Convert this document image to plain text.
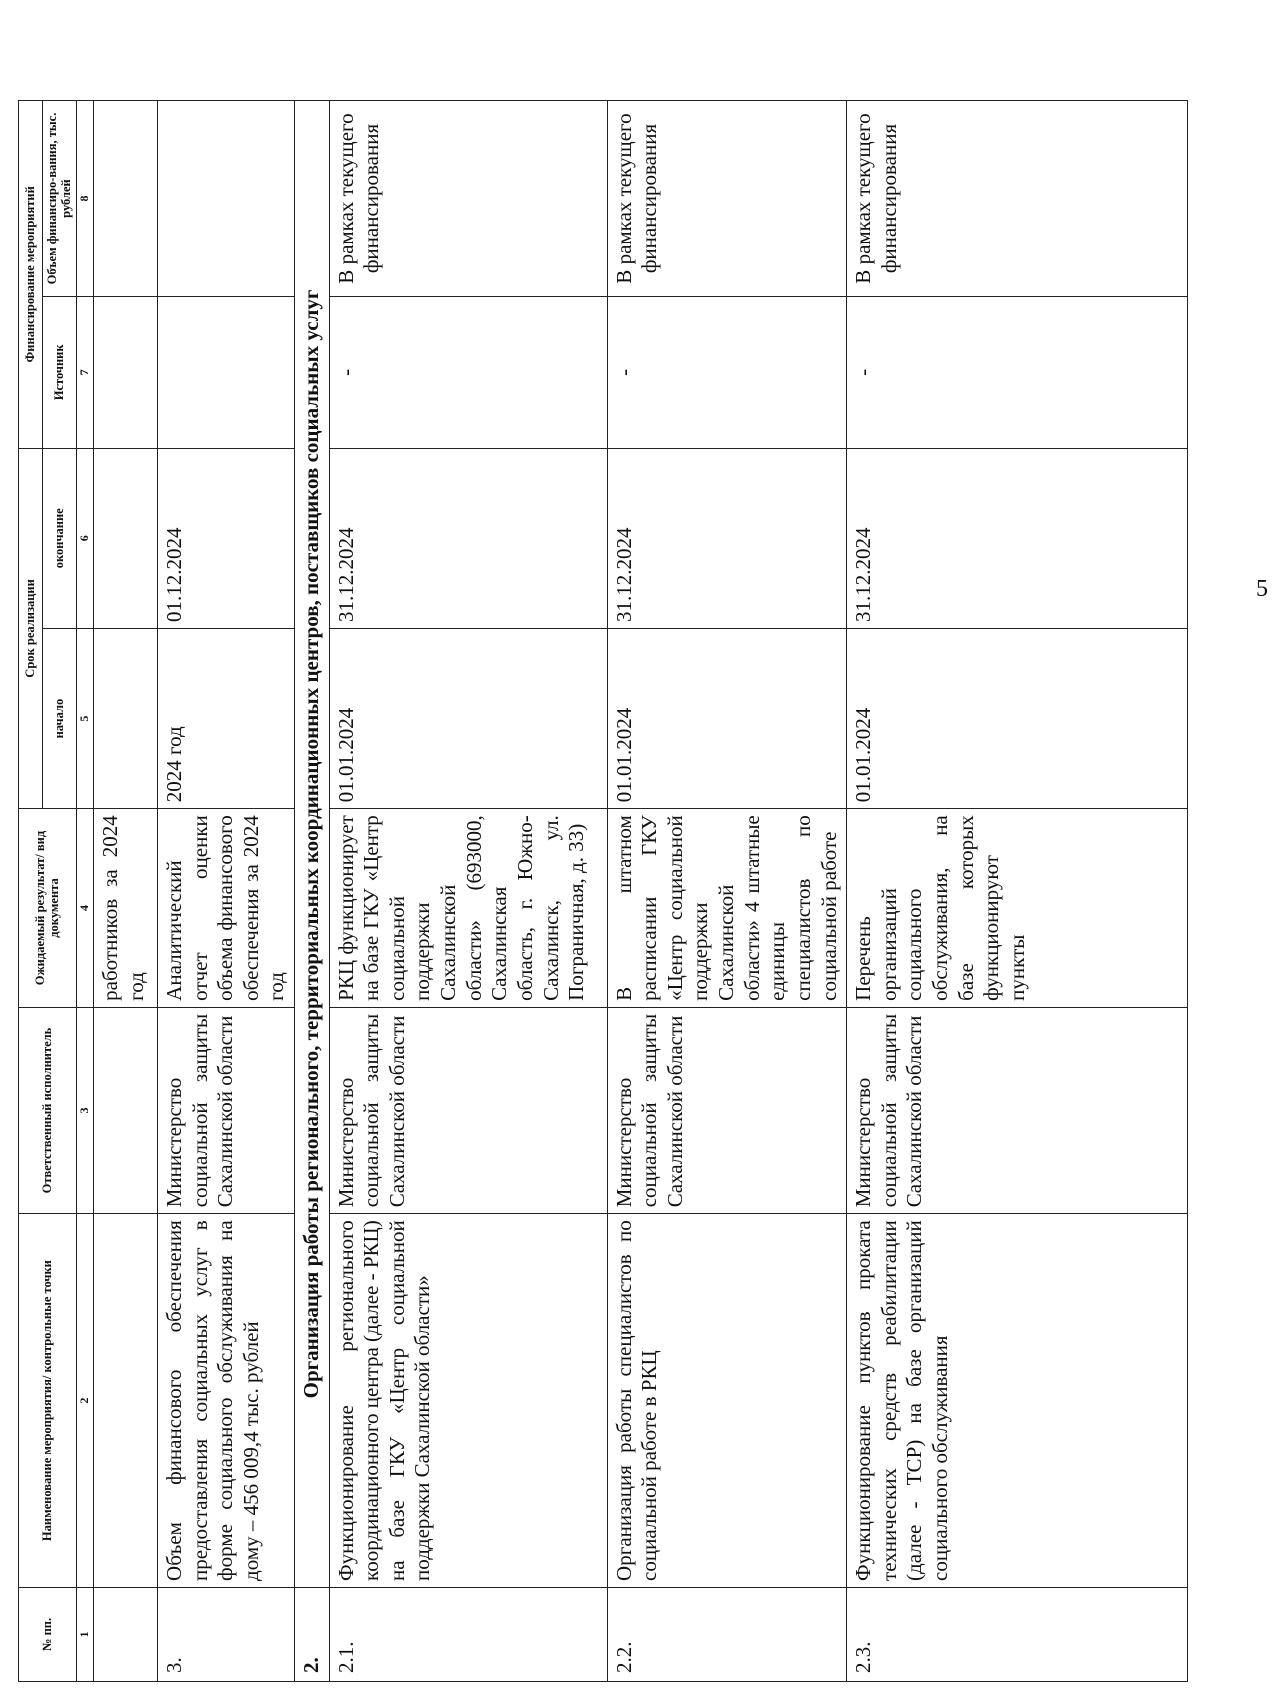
5
№ пп.	Наименование мероприятия/ контрольные точки	Ответственный исполнитель	Ожидаемый результат/ вид документа	Срок реализации		Финансирование мероприятий	
				начало	окончание	Источник	Объем финансиро-вания, тыс. рублей
1	2	3	4	5	6	7	8
			работников за 2024 год				
3.	Объем финансового обеспечения предоставления социальных услуг в форме социального обслуживания на дому – 456 009,4 тыс. рублей	Министерство социальной защиты Сахалинской области	Аналитический отчет оценки объема финансового обеспечения за 2024 год	2024 год	01.12.2024		
2.	Организация работы регионального, территориальных координационных центров, поставщиков социальных услуг						
2.1.	Функционирование регионального координационного центра (далее - РКЦ) на базе ГКУ «Центр социальной поддержки Сахалинской области»	Министерство социальной защиты Сахалинской области	РКЦ функционирует на базе ГКУ «Центр социальной поддержки Сахалинской области» (693000, Сахалинская область, г. Южно-Сахалинск, ул. Пограничная, д. 33)	01.01.2024	31.12.2024	-	В рамках текущего финансирования
2.2.	Организация работы специалистов по социальной работе в РКЦ	Министерство социальной защиты Сахалинской области	В штатном расписании ГКУ «Центр социальной поддержки Сахалинской области» 4 штатные единицы специалистов по социальной работе	01.01.2024	31.12.2024	-	В рамках текущего финансирования
2.3.	Функционирование пунктов проката технических средств реабилитации (далее - ТСР) на базе организаций социального обслуживания	Министерство социальной защиты Сахалинской области	Перечень организаций социального обслуживания, на базе которых функционируют пункты	01.01.2024	31.12.2024	-	В рамках текущего финансирования
